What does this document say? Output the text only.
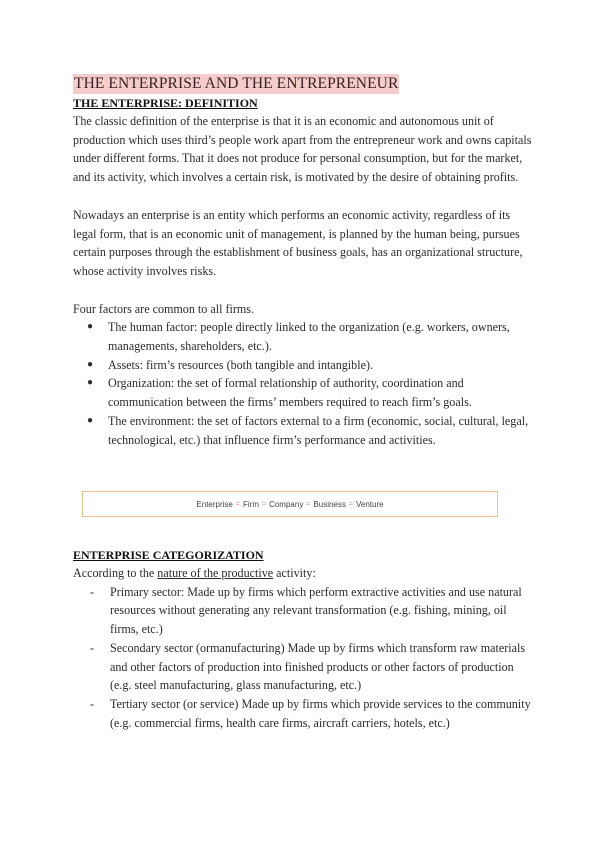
THE ENTERPRISE AND THE ENTREPRENEUR
THE ENTERPRISE: DEFINITION

The classic definition of the enterprise is that it is an economic and autonomous unit of production which uses third’s people work apart from the entrepreneur work and owns capitals under different forms. That it does not produce for personal consumption, but for the market, and its activity, which involves a certain risk, is motivated by the desire of obtaining profits.

Nowadays an enterprise is an entity which performs an economic activity, regardless of its legal form, that is an economic unit of management, is planned by the human being, pursues certain purposes through the establishment of business goals, has an organizational structure, whose activity involves risks.

Four factors are common to all firms.

● The human factor: people directly linked to the organization (e.g. workers, owners, managements, shareholders, etc.).
● Assets: firm’s resources (both tangible and intangible).
● Organization: the set of formal relationship of authority, coordination and communication between the firms’ members required to reach firm’s goals.
● The environment: the set of factors external to a firm (economic, social, cultural, legal, technological, etc.) that influence firm’s performance and activities.
Enterprise = Firm = Company = Business = Venture
ENTERPRISE CATEGORIZATION

According to the nature of the productive activity:

- Primary sector: Made up by firms which perform extractive activities and use natural resources without generating any relevant transformation (e.g. fishing, mining, oil firms, etc.)
- Secondary sector (ormanufacturing) Made up by firms which transform raw materials and other factors of production into finished products or other factors of production (e.g. steel manufacturing, glass manufacturing, etc.)
- Tertiary sector (or service) Made up by firms which provide services to the community (e.g. commercial firms, health care firms, aircraft carriers, hotels, etc.)
